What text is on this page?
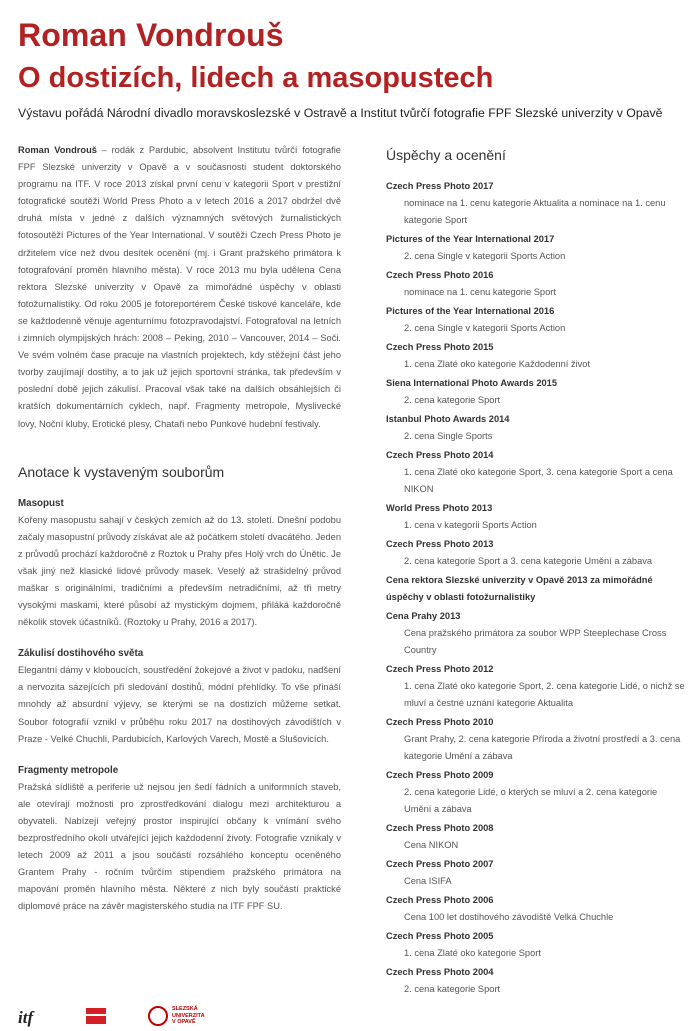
Roman Vondrouš
O dostizích, lidech a masopustech
Výstavu pořádá Národní divadlo moravskoslezské v Ostravě a Institut tvůrčí fotografie FPF Slezské univerzity v Opavě

Roman Vondrouš – rodák z Pardubic, absolvent Institutu tvůrčí fotografie FPF Slezské univerzity v Opavě a v současnosti student doktorského programu na ITF. V roce 2013 získal první cenu v kategorii Sport v prestižní fotografické soutěži World Press Photo a v letech 2016 a 2017 obdržel dvě druhá místa v jedné z dalších významných světových žurnalistických fotosoutěží Pictures of the Year International. V soutěži Czech Press Photo je držitelem více než dvou desítek ocenění (mj. i Grant pražského primátora k fotografování proměn hlavního města). V roce 2013 mu byla udělena Cena rektora Slezské univerzity v Opavě za mimořádné úspěchy v oblasti fotožurnalistiky. Od roku 2005 je fotoreportérem České tiskové kanceláře, kde se každodenně věnuje agenturnímu fotozpravodajství. Fotografoval na letních i zimních olympijských hrách: 2008 – Peking, 2010 – Vancouver, 2014 – Soči. Ve svém volném čase pracuje na vlastních projektech, kdy stěžejní část jeho tvorby zaujímají dostihy, a to jak už jejich sportovní stránka, tak především v poslední době jejich zákulisí. Pracoval však také na dalších obsáhlejších či kratších dokumentárních cyklech, např. Fragmenty metropole, Myslivecké lovy, Noční kluby, Erotické plesy, Chataři nebo Punkové hudební festivaly.

Anotace k vystaveným souborům
Masopust

Kořeny masopustu sahají v českých zemích až do 13. století. Dnešní podobu začaly masopustní průvody získávat ale až počátkem století dvacátého. Jeden z průvodů prochází každoročně z Roztok u Prahy přes Holý vrch do Únětic. Je však jiný než klasické lidové průvody masek. Veselý až strašidelný průvod maškar s originálními, tradičními a především netradičními, až tři metry vysokými maskami, které působí až mystickým dojmem, přiláká každoročně několik stovek účastníků. (Roztoky u Prahy, 2016 a 2017).

Zákulisí dostihového světa

Elegantní dámy v kloboucích, soustředění žokejové a život v padoku, nadšení a nervozita sázejících při sledování dostihů, módní přehlídky. To vše přináší mnohdy až absurdní výjevy, se kterými se na dostizích můžeme setkat. Soubor fotografií vznikl v průběhu roku 2017 na dostihových závodištích v Praze - Velké Chuchli, Pardubicích, Karlových Varech, Mostě a Slušovicích.

Fragmenty metropole

Pražská sídliště a periferie už nejsou jen šedí fádních a uniformních staveb, ale otevírají možnosti pro zprostředkování dialogu mezi architekturou a obyvateli. Nabízejí veřejný prostor inspirující občany k vnímání svého bezprostředního okolí utvářející jejich každodenní životy. Fotografie vznikaly v letech 2009 až 2011 a jsou součástí rozsáhlého konceptu oceněného Grantem Prahy - ročním tvůrčím stipendiem pražského primátora na mapování proměn hlavního města. Některé z nich byly součástí praktické diplomové práce na závěr magisterského studia na ITF FPF SU.

Úspěchy a ocenění
Czech Press Photo 2017
nominace na 1. cenu kategorie Aktualita a nominace na 1. cenu kategorie Sport
Pictures of the Year International 2017
2. cena Single v kategorii Sports Action
Czech Press Photo 2016
nominace na 1. cenu kategorie Sport
Pictures of the Year International 2016
2. cena Single v kategorii Sports Action
Czech Press Photo 2015
1. cena Zlaté oko kategorie Každodenní život
Siena International Photo Awards 2015
2. cena kategorie Sport
Istanbul Photo Awards 2014
2. cena Single Sports
Czech Press Photo 2014
1. cena Zlaté oko kategorie Sport, 3. cena kategorie Sport a cena NIKON
World Press Photo 2013
1. cena v kategorii Sports Action
Czech Press Photo 2013
2. cena kategorie Sport a 3. cena kategorie Umění a zábava
Cena rektora Slezské univerzity v Opavě 2013 za mimořádné úspěchy v oblasti fotožurnalistiky
Cena Prahy 2013
Cena pražského primátora za soubor WPP Steeplechase Cross Country
Czech Press Photo 2012
1. cena Zlaté oko kategorie Sport, 2. cena kategorie Lidé, o nichž se mluví a čestné uznání kategorie Aktualita
Czech Press Photo 2010
Grant Prahy, 2. cena kategorie Příroda a životní prostředí a 3. cena kategorie Umění a zábava
Czech Press Photo 2009
2. cena kategorie Lidé, o kterých se mluví a 2. cena kategorie Umění a zábava
Czech Press Photo 2008
Cena NIKON
Czech Press Photo 2007
Cena ISIFA
Czech Press Photo 2006
Cena 100 let dostihového závodiště Velká Chuchle
Czech Press Photo 2005
1. cena Zlaté oko kategorie Sport
Czech Press Photo 2004
2. cena kategorie Sport
itf	SLEZSKÁ
UNIVERZITA
V OPAVĚ
